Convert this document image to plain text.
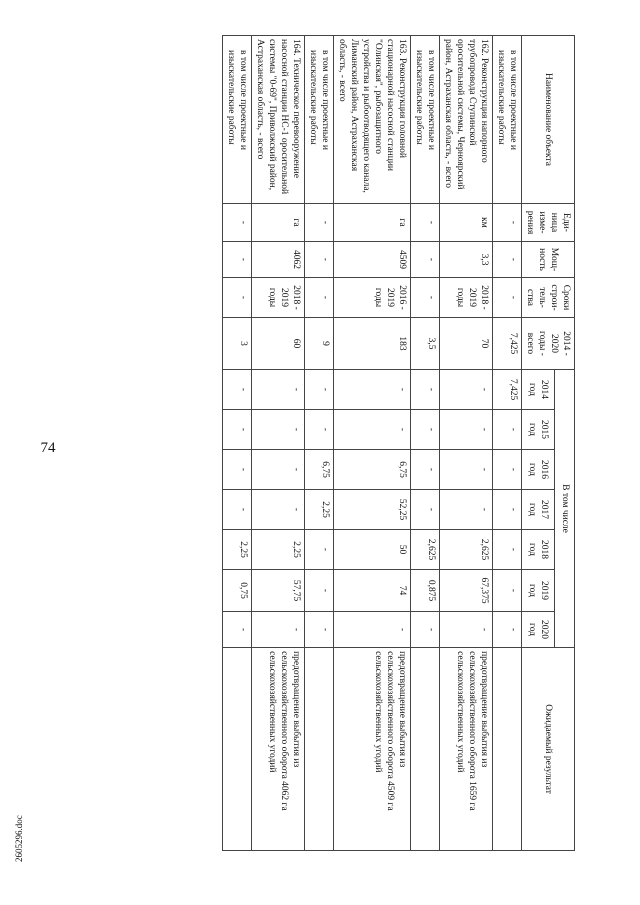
74
2605296.doc
Наименование объекта	Еди-
ница
изме-
рения	Мощ-
ность	Сроки
строи-
тель-
ства	2014 - 2020
годы -
всего	В том числе							Ожидаемый результат
					2014
год	2015
год	2016
год	2017
год	2018
год	2019
год	2020
год	
в том числе проектные и изыскательские работы	-	-	-	7,425	7,425	-	-	-	-	-	-	
162. Реконструкция напорного трубопровода Ступинской оросительной системы, Черноярский район, Астраханская область, - всего	км	3,3	2018 -
2019
годы	70	-	-	-	-	2,625	67,375	-	предотвращение выбытия из сельскохозяйственного оборота 1659 га сельскохозяйственных угодий
в том числе проектные и изыскательские работы	-	-	-	3,5	-	-	-	-	2,625	0,875	-	
163. Реконструкция головной стационарной насосной станции "Олинская", рыбозащитного устройства и рыбоотводящего канала, Лиманский район, Астраханская область, - всего	га	4509	2016 -
2019
годы	183	-	-	6,75	52,25	50	74	-	предотвращение выбытия из сельскохозяйственного оборота 4509 га сельскохозяйственных угодий
в том числе проектные и изыскательские работы	-	-	-	9	-	-	6,75	2,25	-	-	-	
164. Техническое перевооружение насосной станции НС-1 оросительной системы "0-69", Приволжский район, Астраханская область, - всего	га	4062	2018 -
2019
годы	60	-	-	-	-	2,25	57,75	-	предотвращение выбытия из сельскохозяйственного оборота 4062 га сельскохозяйственных угодий
в том числе проектные и изыскательские работы	-	-	-	3	-	-	-	-	2,25	0,75	-	
